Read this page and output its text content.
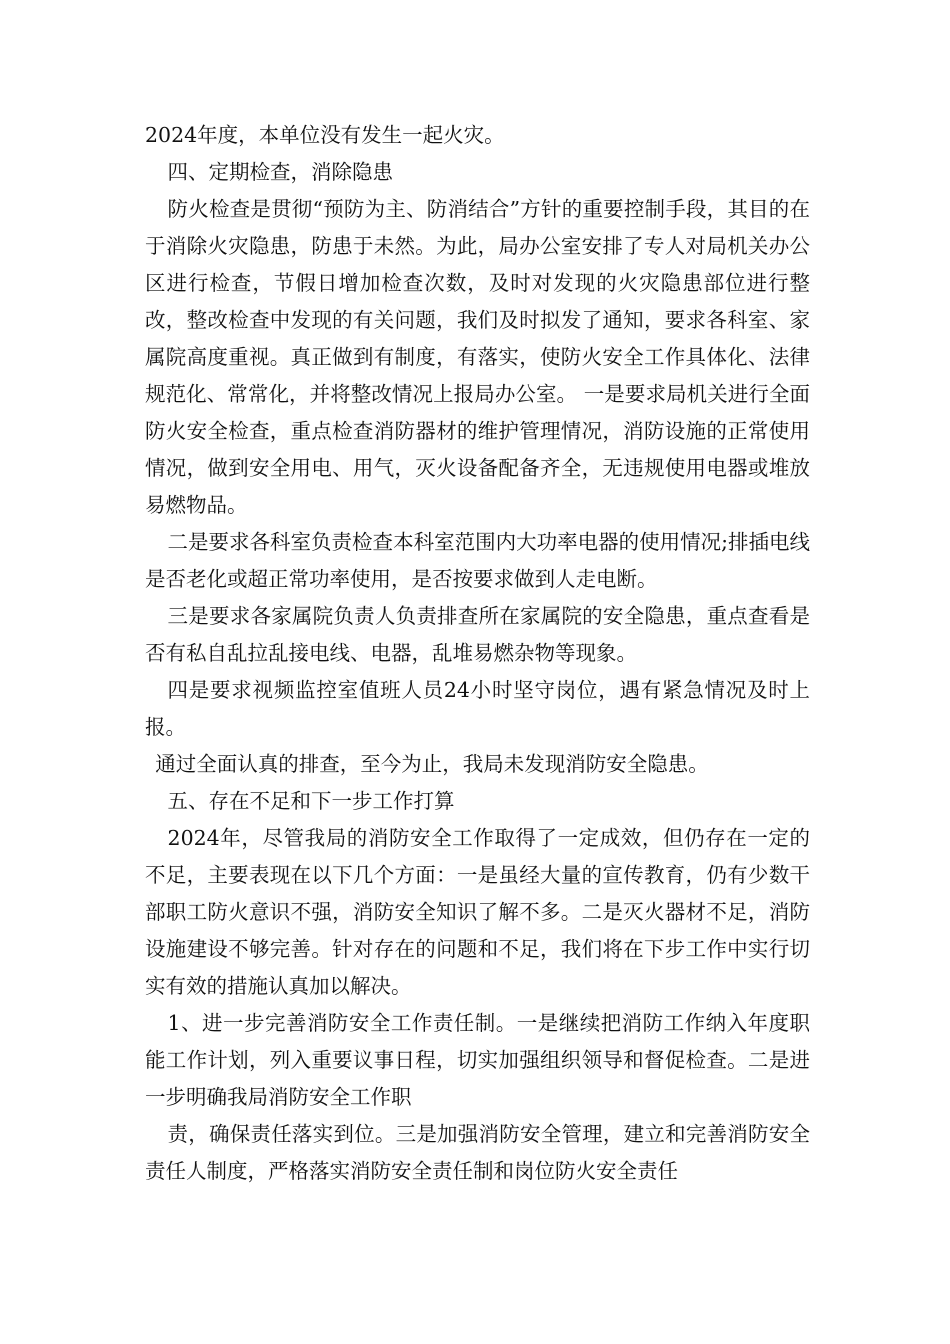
2024年度，本单位没有发生一起火灾。

四、定期检查，消除隐患

防火检查是贯彻“预防为主、防消结合”方针的重要控制手段，其目的在于消除火灾隐患，防患于未然。为此，局办公室安排了专人对局机关办公区进行检查，节假日增加检查次数，及时对发现的火灾隐患部位进行整改，整改检查中发现的有关问题，我们及时拟发了通知，要求各科室、家属院高度重视。真正做到有制度，有落实，使防火安全工作具体化、法律规范化、常常化，并将整改情况上报局办公室。 一是要求局机关进行全面防火安全检查，重点检查消防器材的维护管理情况，消防设施的正常使用情况，做到安全用电、用气，灭火设备配备齐全，无违规使用电器或堆放易燃物品。

二是要求各科室负责检查本科室范围内大功率电器的使用情况;排插电线是否老化或超正常功率使用，是否按要求做到人走电断。

三是要求各家属院负责人负责排查所在家属院的安全隐患，重点查看是否有私自乱拉乱接电线、电器，乱堆易燃杂物等现象。

四是要求视频监控室值班人员24小时坚守岗位，遇有紧急情况及时上报。

通过全面认真的排查，至今为止，我局未发现消防安全隐患。

五、存在不足和下一步工作打算

2024年，尽管我局的消防安全工作取得了一定成效，但仍存在一定的不足，主要表现在以下几个方面：一是虽经大量的宣传教育，仍有少数干部职工防火意识不强，消防安全知识了解不多。二是灭火器材不足，消防设施建设不够完善。针对存在的问题和不足，我们将在下步工作中实行切实有效的措施认真加以解决。

1、进一步完善消防安全工作责任制。一是继续把消防工作纳入年度职能工作计划，列入重要议事日程，切实加强组织领导和督促检查。二是进一步明确我局消防安全工作职

责，确保责任落实到位。三是加强消防安全管理，建立和完善消防安全责任人制度，严格落实消防安全责任制和岗位防火安全责任
